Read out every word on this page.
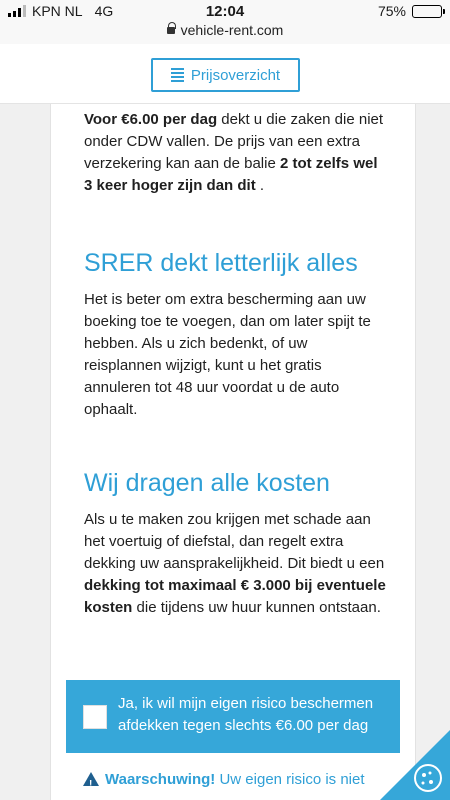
KPN NL 4G	12:04	75%
vehicle-rent.com
Prijsoverzicht

Voor €6.00 per dag dekt u die zaken die niet onder CDW vallen. De prijs van een extra verzekering kan aan de balie 2 tot zelfs wel 3 keer hoger zijn dan dit .

SRER dekt letterlijk alles

Het is beter om extra bescherming aan uw boeking toe te voegen, dan om later spijt te hebben. Als u zich bedenkt, of uw reisplannen wijzigt, kunt u het gratis annuleren tot 48 uur voordat u de auto ophaalt.

Wij dragen alle kosten

Als u te maken zou krijgen met schade aan het voertuig of diefstal, dan regelt extra dekking uw aansprakelijkheid. Dit biedt u een dekking tot maximaal € 3.000 bij eventuele kosten die tijdens uw huur kunnen ontstaan.

Ja, ik wil mijn eigen risico beschermen afdekken tegen slechts €6.00 per dag
!Waarschuwing! Uw eigen risico is niet
